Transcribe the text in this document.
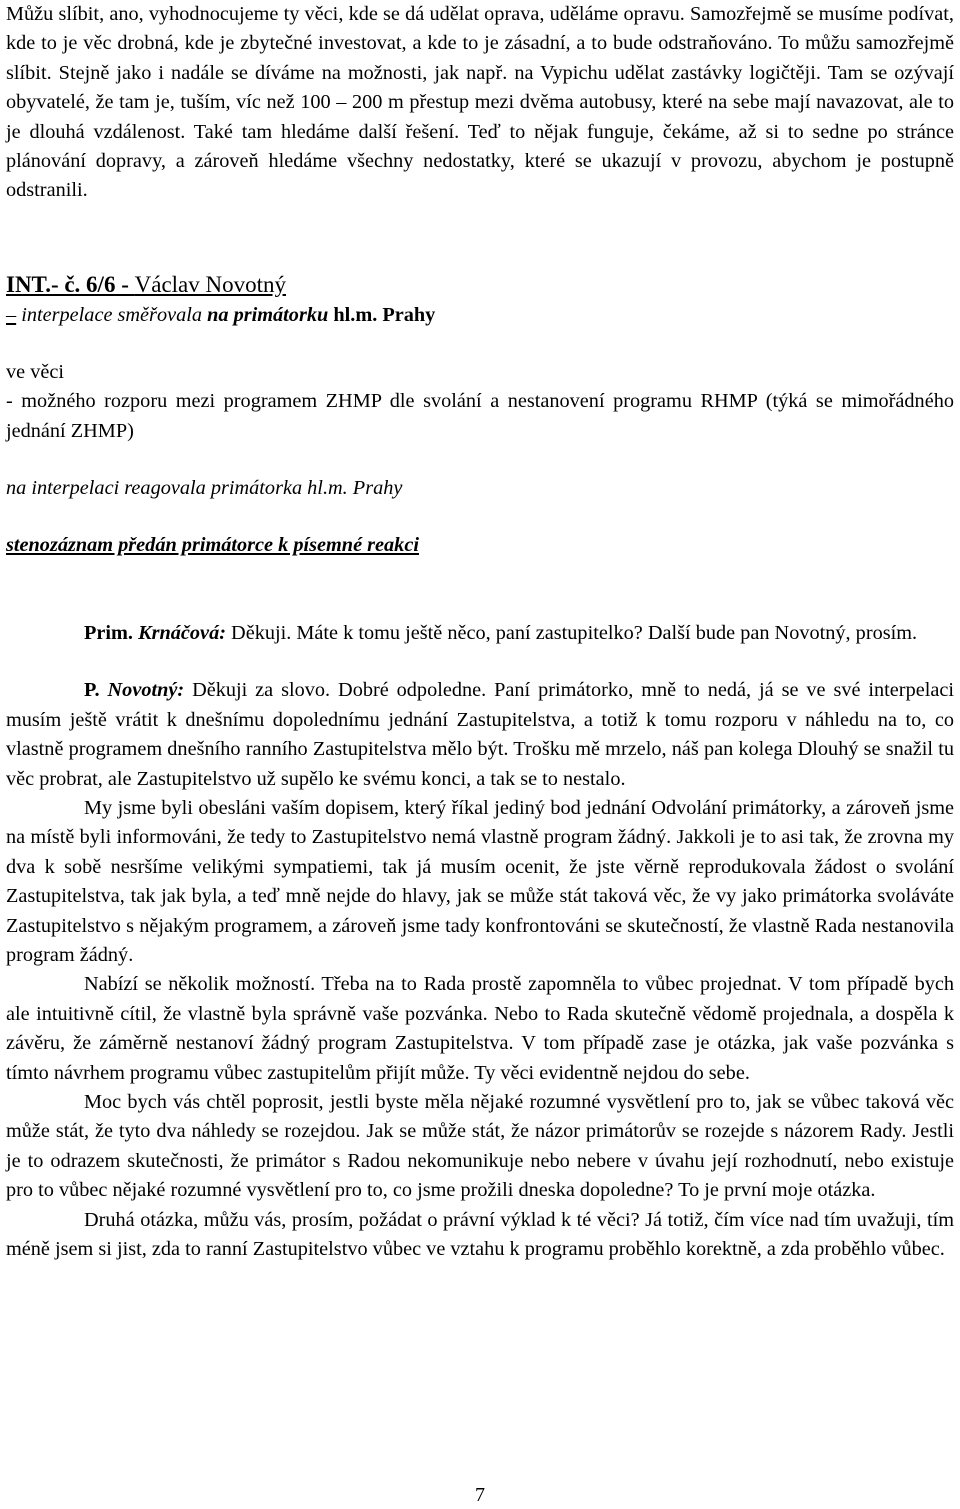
Můžu slíbit, ano, vyhodnocujeme ty věci, kde se dá udělat oprava, uděláme opravu. Samozřejmě se musíme podívat, kde to je věc drobná, kde je zbytečné investovat, a kde to je zásadní, a to bude odstraňováno. To můžu samozřejmě slíbit. Stejně jako i nadále se díváme na možnosti, jak např. na Vypichu udělat zastávky logičtěji. Tam se ozývají obyvatelé, že tam je, tuším, víc než 100 – 200 m přestup mezi dvěma autobusy, které na sebe mají navazovat, ale to je dlouhá vzdálenost. Také tam hledáme další řešení. Teď to nějak funguje, čekáme, až si to sedne po stránce plánování dopravy, a zároveň hledáme všechny nedostatky, které se ukazují v provozu, abychom je postupně odstranili.

INT.- č. 6/6 - Václav Novotný
– interpelace směřovala na primátorku hl.m. Prahy

ve věci

- možného rozporu mezi programem ZHMP dle svolání a nestanovení programu RHMP (týká se mimořádného jednání ZHMP)

na interpelaci reagovala primátorka hl.m. Prahy

stenozáznam předán primátorce k písemné reakci

Prim. Krnáčová: Děkuji. Máte k tomu ještě něco, paní zastupitelko? Další bude pan Novotný, prosím.

P. Novotný: Děkuji za slovo. Dobré odpoledne. Paní primátorko, mně to nedá, já se ve své interpelaci musím ještě vrátit k dnešnímu dopolednímu jednání Zastupitelstva, a totiž k tomu rozporu v náhledu na to, co vlastně programem dnešního ranního Zastupitelstva mělo být. Trošku mě mrzelo, náš pan kolega Dlouhý se snažil tu věc probrat, ale Zastupitelstvo už supělo ke svému konci, a tak se to nestalo.

My jsme byli obesláni vaším dopisem, který říkal jediný bod jednání Odvolání primátorky, a zároveň jsme na místě byli informováni, že tedy to Zastupitelstvo nemá vlastně program žádný. Jakkoli je to asi tak, že zrovna my dva k sobě nesršíme velikými sympatiemi, tak já musím ocenit, že jste věrně reprodukovala žádost o svolání Zastupitelstva, tak jak byla, a teď mně nejde do hlavy, jak se může stát taková věc, že vy jako primátorka svoláváte Zastupitelstvo s nějakým programem, a zároveň jsme tady konfrontováni se skutečností, že vlastně Rada nestanovila program žádný.

Nabízí se několik možností. Třeba na to Rada prostě zapomněla to vůbec projednat. V tom případě bych ale intuitivně cítil, že vlastně byla správně vaše pozvánka. Nebo to Rada skutečně vědomě projednala, a dospěla k závěru, že záměrně nestanoví žádný program Zastupitelstva. V tom případě zase je otázka, jak vaše pozvánka s tímto návrhem programu vůbec zastupitelům přijít může. Ty věci evidentně nejdou do sebe.

Moc bych vás chtěl poprosit, jestli byste měla nějaké rozumné vysvětlení pro to, jak se vůbec taková věc může stát, že tyto dva náhledy se rozejdou. Jak se může stát, že názor primátorův se rozejde s názorem Rady. Jestli je to odrazem skutečnosti, že primátor s Radou nekomunikuje nebo nebere v úvahu její rozhodnutí, nebo existuje pro to vůbec nějaké rozumné vysvětlení pro to, co jsme prožili dneska dopoledne? To je první moje otázka.

Druhá otázka, můžu vás, prosím, požádat o právní výklad k té věci? Já totiž, čím více nad tím uvažuji, tím méně jsem si jist, zda to ranní Zastupitelstvo vůbec ve vztahu k programu proběhlo korektně, a zda proběhlo vůbec.

7
